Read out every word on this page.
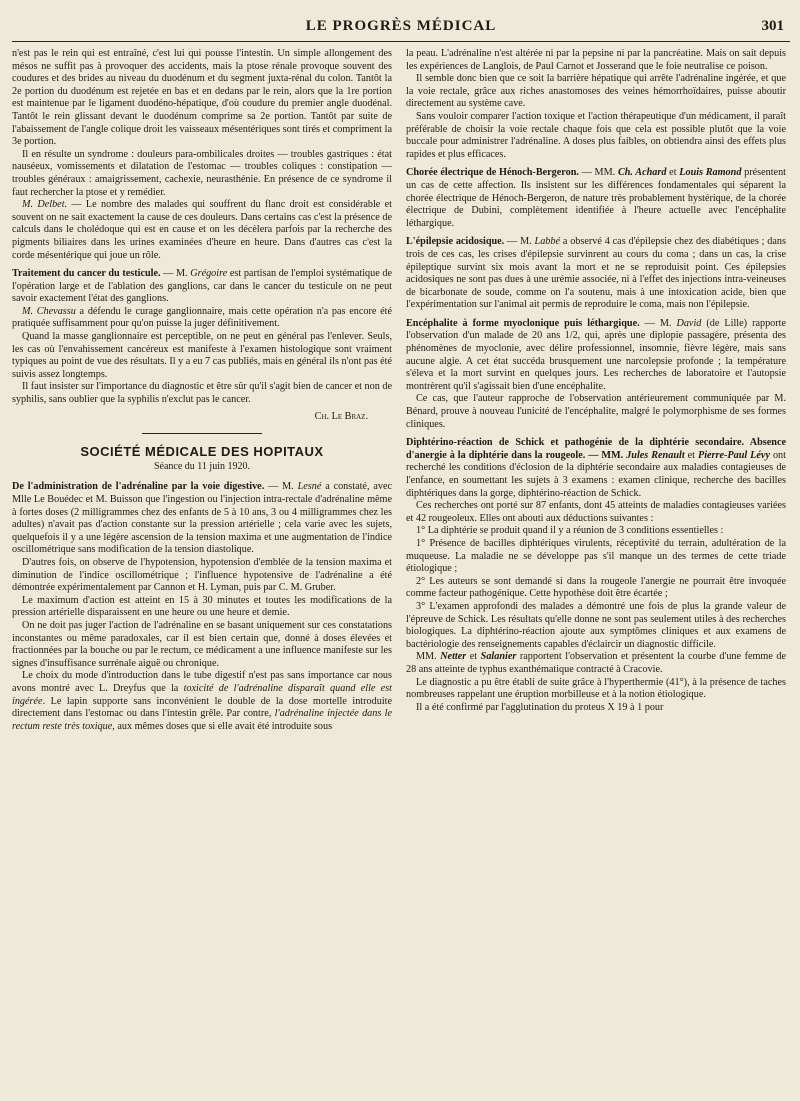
LE PROGRÈS MÉDICAL	301

n'est pas le rein qui est entraîné, c'est lui qui pousse l'intestin. Un simple allongement des mésos ne suffit pas à provoquer des accidents, mais la ptose rénale provoque souvent des coudures et des brides au niveau du duodénum et du segment juxta-rénal du colon. Tantôt la 2e portion du duodénum est rejetée en bas et en dedans par le rein, alors que la 1re portion est maintenue par le ligament duodéno-hépatique, d'où coudure du premier angle duodénal. Tantôt le rein glissant devant le duodénum comprime sa 2e portion. Tantôt par suite de l'abaissement de l'angle colique droit les vaisseaux mésentériques sont tirés et compriment la 3e portion.

Il en résulte un syndrome : douleurs para-ombilicales droites — troubles gastriques : état nauséeux, vomissements et dilatation de l'estomac — troubles coliques : constipation — troubles généraux : amaigrissement, cachexie, neurasthénie. En présence de ce syndrome il faut rechercher la ptose et y remédier.

M. Delbet. — Le nombre des malades qui souffrent du flanc droit est considérable et souvent on ne sait exactement la cause de ces douleurs. Dans certains cas c'est la présence de calculs dans le cholédoque qui est en cause et on les décèlera parfois par la recherche des pigments biliaires dans les urines examinées d'heure en heure. Dans d'autres cas c'est la corde mésentérique qui joue un rôle.

Traitement du cancer du testicule. — M. Grégoire est partisan de l'emploi systématique de l'opération large et de l'ablation des ganglions, car dans le cancer du testicule on ne peut savoir exactement l'état des ganglions.

M. Chevassu a défendu le curage ganglionnaire, mais cette opération n'a pas encore été pratiquée suffisamment pour qu'on puisse la juger définitivement.

Quand la masse ganglionnaire est perceptible, on ne peut en général pas l'enlever. Seuls, les cas où l'envahissement cancéreux est manifeste à l'examen histologique sont vraiment typiques au point de vue des résultats. Il y a eu 7 cas publiés, mais en général ils n'ont pas été suivis assez longtemps.

Il faut insister sur l'importance du diagnostic et être sûr qu'il s'agit bien de cancer et non de syphilis, sans oublier que la syphilis n'exclut pas le cancer.

Ch. Le Braz.
SOCIÉTÉ MÉDICALE DES HOPITAUX
Séance du 11 juin 1920.

De l'administration de l'adrénaline par la voie digestive. — M. Lesné a constaté, avec Mlle Le Bouédec et M. Buisson que l'ingestion ou l'injection intra-rectale d'adrénaline même à fortes doses (2 milligrammes chez des enfants de 5 à 10 ans, 3 ou 4 milligrammes chez les adultes) n'avait pas d'action constante sur la pression artérielle ; cela varie avec les sujets, quelquefois il y a une légère ascension de la tension maxima et une augmentation de l'indice oscillométrique sans modification de la tension diastolique.

D'autres fois, on observe de l'hypotension, hypotension d'emblée de la tension maxima et diminution de l'indice oscillométrique ; l'influence hypotensive de l'adrénaline a été démontrée expérimentalement par Cannon et H. Lyman, puis par C. M. Gruber.

Le maximum d'action est atteint en 15 à 30 minutes et toutes les modifications de la pression artérielle disparaissent en une heure ou une heure et demie.

On ne doit pas juger l'action de l'adrénaline en se basant uniquement sur ces constatations inconstantes ou même paradoxales, car il est bien certain que, donné à doses élevées et fractionnées par la bouche ou par le rectum, ce médicament a une influence manifeste sur les signes d'insuffisance surrénale aiguë ou chronique.

Le choix du mode d'introduction dans le tube digestif n'est pas sans importance car nous avons montré avec L. Dreyfus que la toxicité de l'adrénaline disparaît quand elle est ingérée. Le lapin supporte sans inconvénient le double de la dose mortelle introduite directement dans l'estomac ou dans l'intestin grêle. Par contre, l'adrénaline injectée dans le rectum reste très toxique, aux mêmes doses que si elle avait été introduite sous

la peau. L'adrénaline n'est altérée ni par la pepsine ni par la pancréatine. Mais on sait depuis les expériences de Langlois, de Paul Carnot et Josserand que le foie neutralise ce poison.

Il semble donc bien que ce soit la barrière hépatique qui arrête l'adrénaline ingérée, et que la voie rectale, grâce aux riches anastomoses des veines hémorrhoïdaires, puisse aboutir directement au système cave.

Sans vouloir comparer l'action toxique et l'action thérapeutique d'un médicament, il paraît préférable de choisir la voie rectale chaque fois que cela est possible plutôt que la voie buccale pour administrer l'adrénaline. A doses plus faibles, on obtiendra ainsi des effets plus rapides et plus efficaces.

Chorée électrique de Hénoch-Bergeron. — MM. Ch. Achard et Louis Ramond présentent un cas de cette affection. Ils insistent sur les différences fondamentales qui séparent la chorée électrique de Hénoch-Bergeron, de nature très probablement hystérique, de la chorée électrique de Dubini, complètement identifiée à l'heure actuelle avec l'encéphalite léthargique.

L'épilepsie acidosique. — M. Labbé a observé 4 cas d'épilepsie chez des diabétiques ; dans trois de ces cas, les crises d'épilepsie survinrent au cours du coma ; dans un cas, la crise épileptique survint six mois avant la mort et ne se reproduisit point. Ces épilepsies acidosiques ne sont pas dues à une urémie associée, ni à l'effet des injections intra-veineuses de bicarbonate de soude, comme on l'a soutenu, mais à une intoxication acide, bien que l'expérimentation sur l'animal ait permis de reproduire le coma, mais non l'épilepsie.

Encéphalite à forme myoclonique puis léthargique. — M. David (de Lille) rapporte l'observation d'un malade de 20 ans 1/2, qui, après une diplopie passagère, présenta des phénomènes de myoclonie, avec délire professionnel, insomnie, fièvre légère, mais sans aucune algie. A cet état succéda brusquement une narcolepsie profonde ; la température s'éleva et la mort survint en quelques jours. Les recherches de laboratoire et l'autopsie montrèrent qu'il s'agissait bien d'une encéphalite.

Ce cas, que l'auteur rapproche de l'observation antérieurement communiquée par M. Bénard, prouve à nouveau l'unicité de l'encéphalite, malgré le polymorphisme de ses formes cliniques.

Diphtérino-réaction de Schick et pathogénie de la diphtérie secondaire. Absence d'anergie à la diphtérie dans la rougeole. — MM. Jules Renault et Pierre-Paul Lévy ont recherché les conditions d'éclosion de la diphtérie secondaire aux maladies contagieuses de l'enfance, en soumettant les sujets à 3 examens : examen clinique, recherche des bacilles diphtériques dans la gorge, diphtérino-réaction de Schick.

Ces recherches ont porté sur 87 enfants, dont 45 atteints de maladies contagieuses variées et 42 rougeoleux. Elles ont abouti aux déductions suivantes :

1° La diphtérie se produit quand il y a réunion de 3 conditions essentielles :

1° Présence de bacilles diphtériques virulents, réceptivité du terrain, adultération de la muqueuse. La maladie ne se développe pas s'il manque un des termes de cette triade étiologique ;

2° Les auteurs se sont demandé si dans la rougeole l'anergie ne pourrait être invoquée comme facteur pathogénique. Cette hypothèse doit être écartée ;

3° L'examen approfondi des malades a démontré une fois de plus la grande valeur de l'épreuve de Schick. Les résultats qu'elle donne ne sont pas seulement utiles à des recherches biologiques. La diphtérino-réaction ajoute aux symptômes cliniques et aux examens de bactériologie des renseignements capables d'éclaircir un diagnostic difficile.

MM. Netter et Salanier rapportent l'observation et présentent la courbe d'une femme de 28 ans atteinte de typhus exanthématique contracté à Cracovie.

Le diagnostic a pu être établi de suite grâce à l'hyperthermie (41°), à la présence de taches nombreuses rappelant une éruption morbilleuse et à la notion étiologique.

Il a été confirmé par l'agglutination du proteus X 19 à 1 pour
